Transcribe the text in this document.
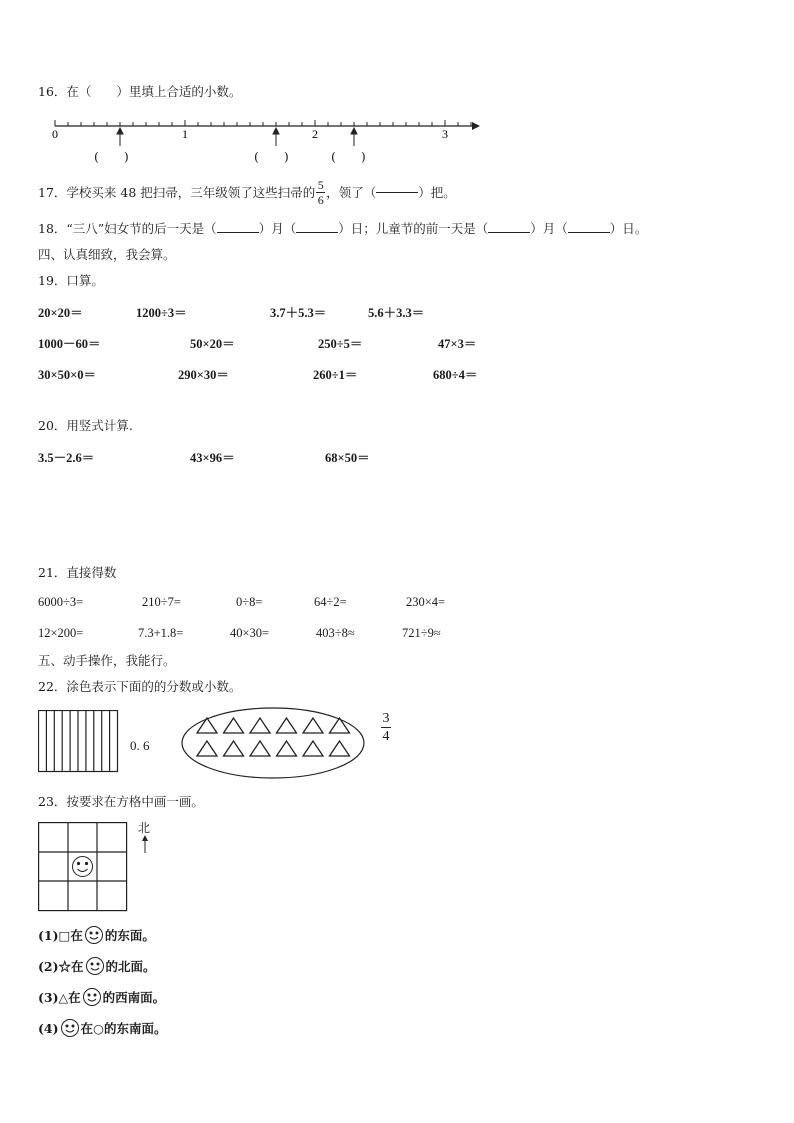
16．在（　　）里填上合适的小数。
0	1	2	3
(　　)	(　　)	(　　)
17．学校买来 48 把扫帚，三年级领了这些扫帚的 $\frac{5}{6}$ ，领了（	）把。
18．“三八”妇女节的后一天是（	）月（	）日；儿童节的前一天是（	）月（	）日。
四、认真细致，我会算。
19．口算。
20×20＝	1200÷3＝	3.7＋5.3＝	5.6＋3.3＝
1000－60＝	50×20＝	250÷5＝	47×3＝
30×50×0＝	290×30＝	260÷1＝	680÷4＝
20．用竖式计算.
3.5－2.6＝	43×96＝	68×50＝
21．直接得数
6000÷3=	210÷7=	0÷8=	64÷2=	230×4=
12×200=	7.3+1.8=	40×30=	403÷8≈	721÷9≈
五、动手操作，我能行。
22．涂色表示下面的的分数或小数。
0. 6
$\frac{3}{4}$
23．按要求在方格中画一画。
北
(1)□在 的东面。
(2)☆在 的北面。
(3)△在 的西南面。
(4) 在○的东南面。
